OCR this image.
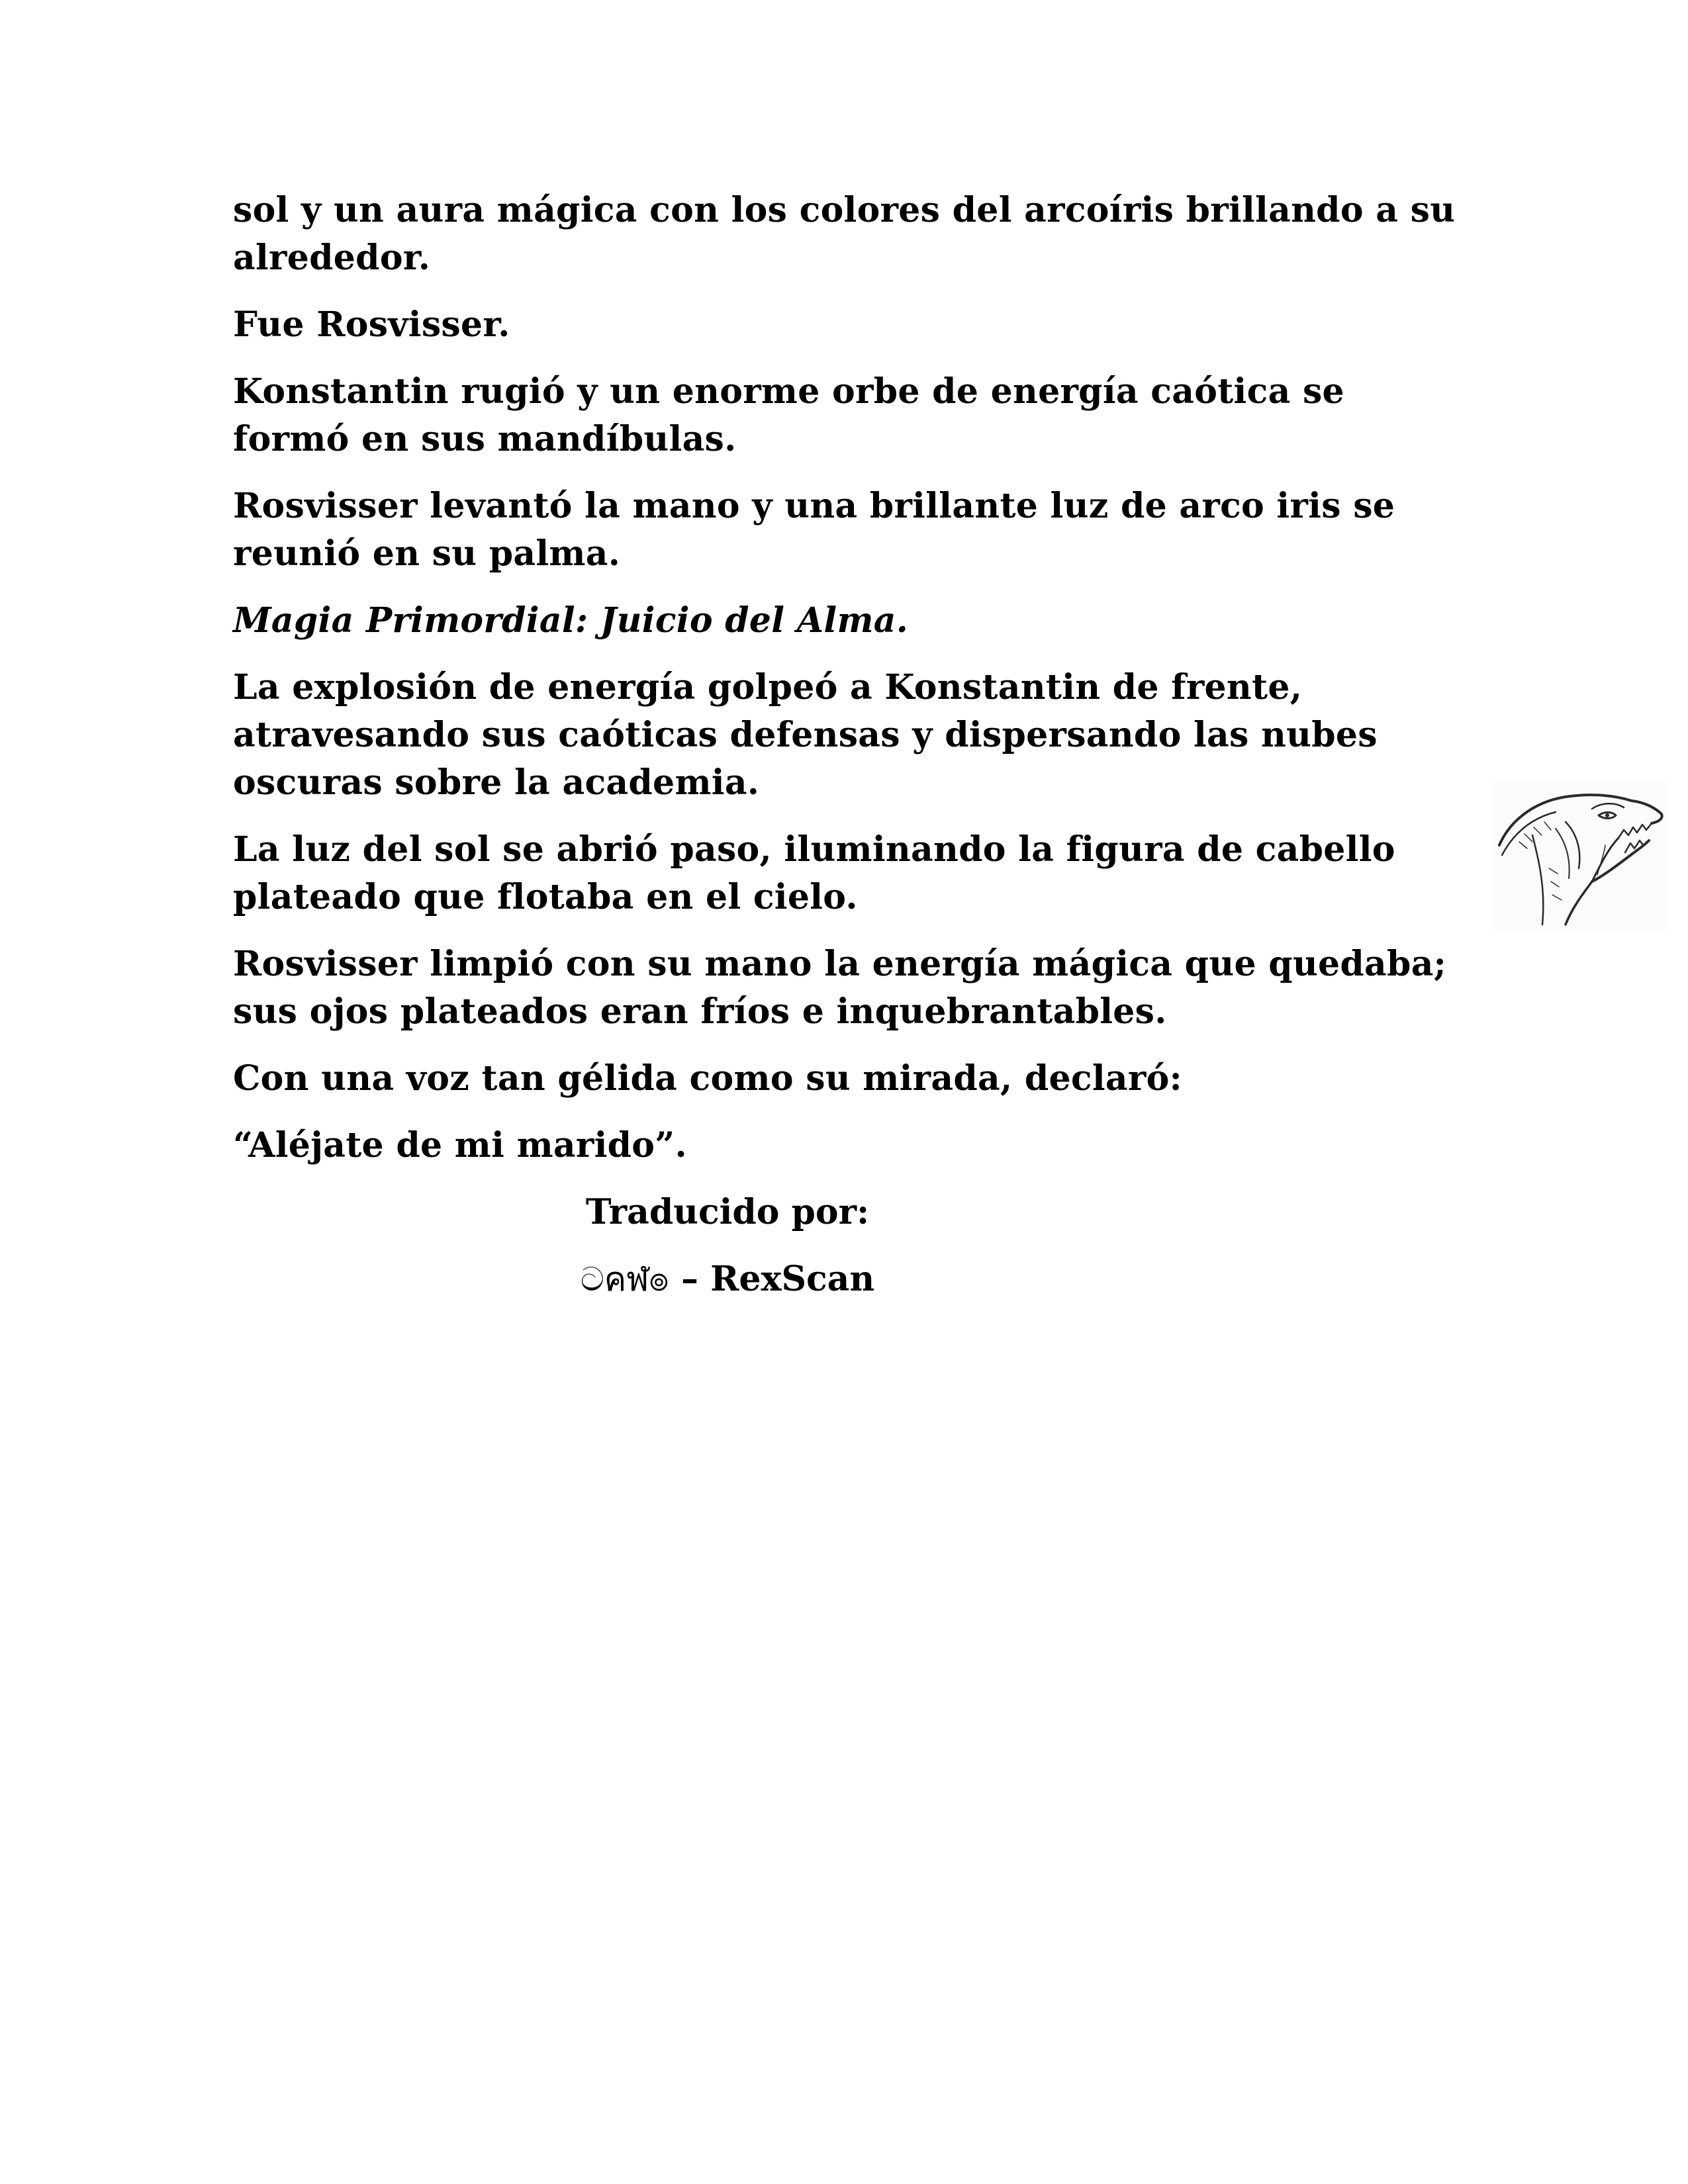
sol y un aura mágica con los colores del arcoíris brillando a su alrededor.

Fue Rosvisser.

Konstantin rugió y un enorme orbe de energía caótica se formó en sus mandíbulas.

Rosvisser levantó la mano y una brillante luz de arco iris se reunió en su palma.

Magia Primordial: Juicio del Alma.

La explosión de energía golpeó a Konstantin de frente, atravesando sus caóticas defensas y dispersando las nubes oscuras sobre la academia.

La luz del sol se abrió paso, iluminando la figura de cabello plateado que flotaba en el cielo.

Rosvisser limpió con su mano la energía mágica que quedaba; sus ojos plateados eran fríos e inquebrantables.

Con una voz tan gélida como su mirada, declaró:

“Aléjate de mi marido”.

Traducido por:

ටคฬ๏ – RexScan
